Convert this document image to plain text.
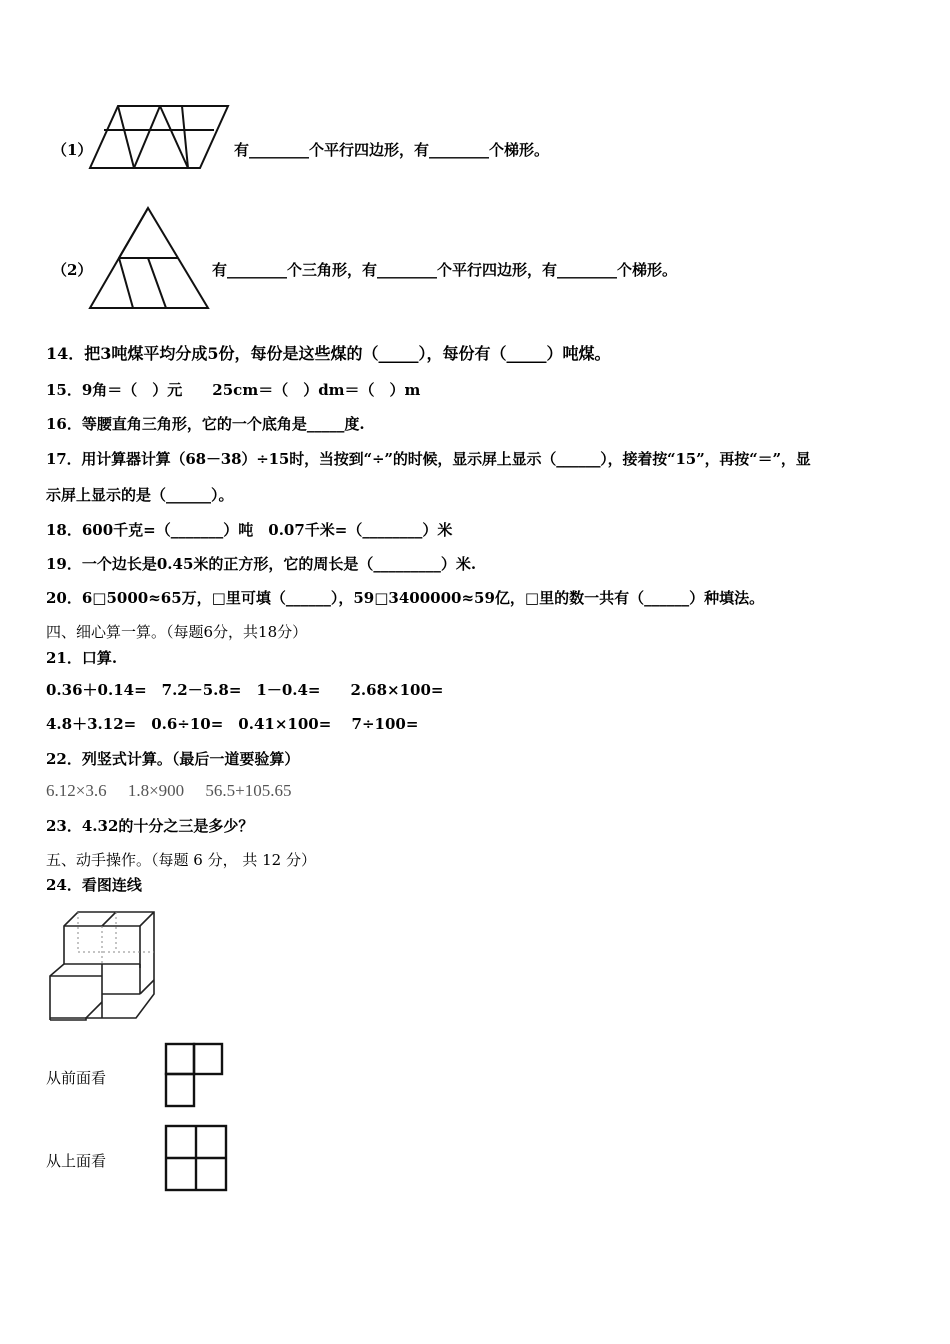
（1）	有________个平行四边形，有________个梯形。
（2）	有________个三角形，有________个平行四边形，有________个梯形。
14．把3吨煤平均分成5份，每份是这些煤的（_____），每份有（_____）吨煤。
15．9角＝（　）元　　25cm＝（　）dm＝（　）m
16．等腰直角三角形，它的一个底角是_____度.
17．用计算器计算（68－38）÷15时，当按到“÷”的时候，显示屏上显示（______），接着按“15”，再按“＝”，显
示屏上显示的是（______）。
18．600千克=（_______）吨　0.07千米=（________）米
19．一个边长是0.45米的正方形，它的周长是（_________）米.
20．6□5000≈65万，□里可填（______），59□3400000≈59亿，□里的数一共有（______）种填法。
四、细心算一算。（每题6分，共18分）
21．口算.
0.36＋0.14=　7.2－5.8=　1－0.4=　　2.68×100=
4.8＋3.12=　0.6÷10=　0.41×100=　 7÷100=
22．列竖式计算。（最后一道要验算）
6.12×3.6　 1.8×900　 56.5+105.65
23．4.32的十分之三是多少？
五、动手操作。（每题 6 分， 共 12 分）
24．看图连线
从前面看
从上面看
